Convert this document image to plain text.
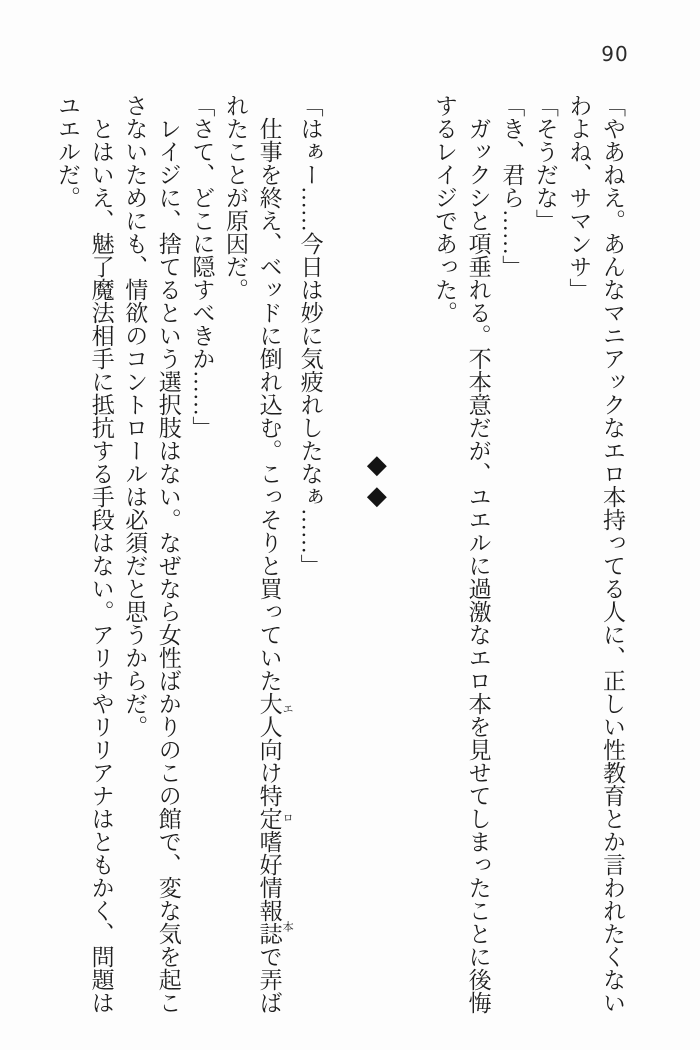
90

「やあねえ。あんなマニアックなエロ本持ってる人に、正しい性教育とか言われたくない

わよね、サマンサ」

「そうだな」

「き、君ら……」

　ガックシと項垂れる。不本意だが、ユエルに過激なエロ本を見せてしまったことに後悔

するレイジであった。

◆◆

「はぁー……今日は妙に気疲れしたなぁ……」

　仕事を終え、ベッドに倒れ込む。こっそりと買っていた大人向け特定嗜好情報誌 エロ本で弄ば

れたことが原因だ。

「さて、どこに隠すべきか……」

　レイジに、捨てるという選択肢はない。なぜなら女性ばかりのこの館で、変な気を起こ

さないためにも、情欲のコントロールは必須だと思うからだ。

　とはいえ、魅了魔法相手に抵抗する手段はない。アリサやリリアナはともかく、問題は

ユエルだ。
